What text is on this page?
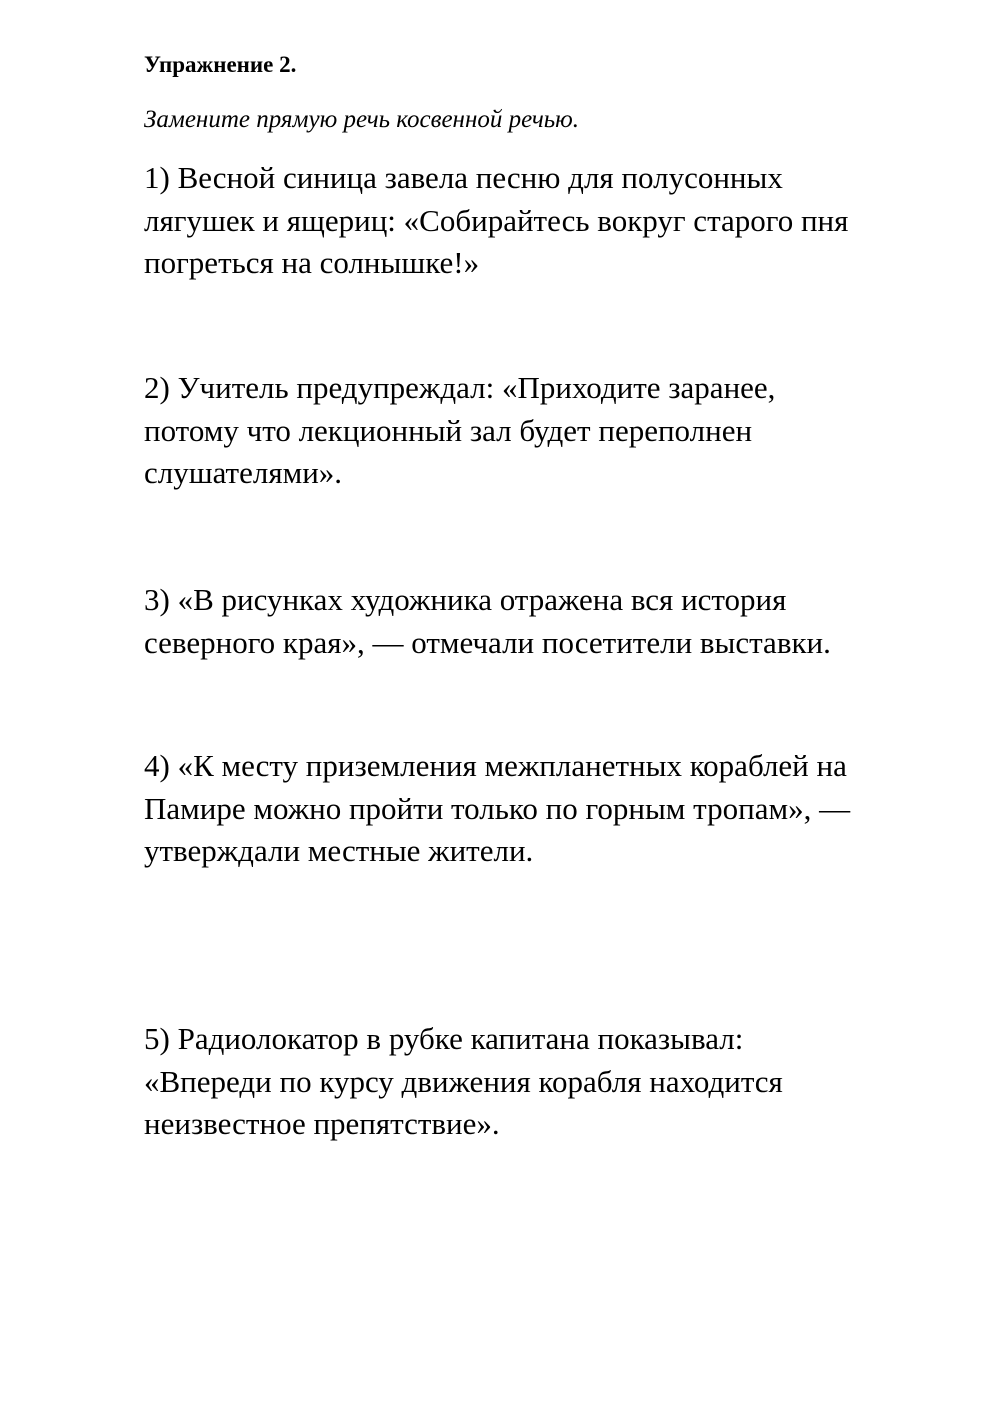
Упражнение 2.
Замените прямую речь косвенной речью.

1) Весной синица завела песню для полусонных
лягушек и ящериц: «Собирайтесь вокруг старого пня
погреться на солнышке!»

2) Учитель предупреждал: «Приходите заранее,
потому что лекционный зал будет переполнен
слушателями».

3) «В рисунках художника отражена вся история
северного края», — отмечали посетители выставки.

4) «К месту приземления межпланетных кораблей на
Памире можно пройти только по горным тропам», —
утверждали местные жители.

5) Радиолокатор в рубке капитана показывал:
«Впереди по курсу движения корабля находится
неизвестное препятствие».
